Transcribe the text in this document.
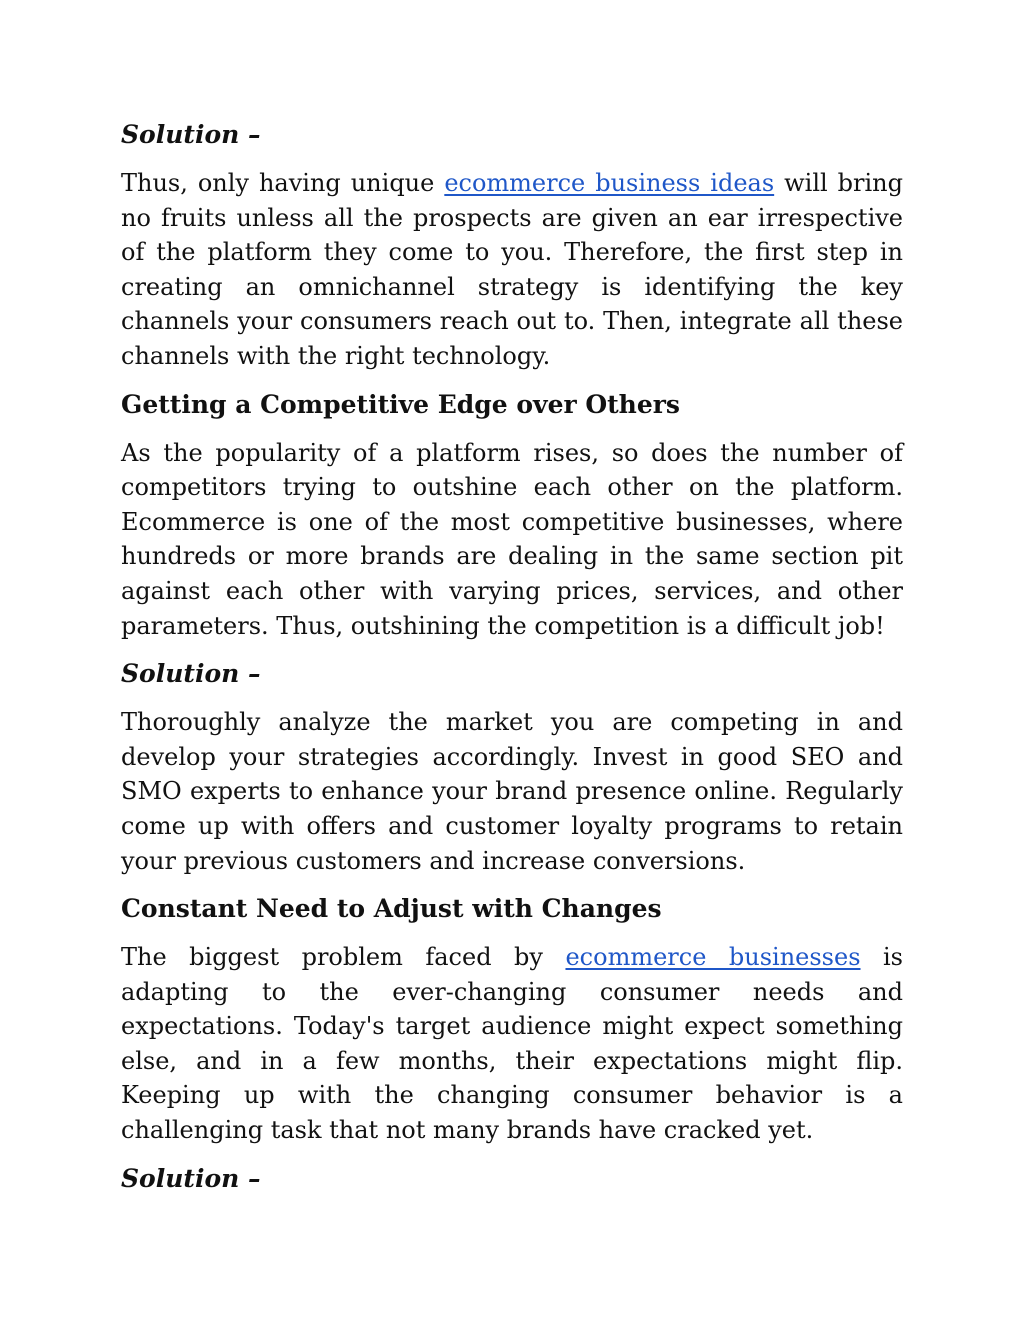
Solution –

Thus, only having unique ecommerce business ideas will bring no fruits unless all the prospects are given an ear irrespective of the platform they come to you. Therefore, the first step in creating an omnichannel strategy is identifying the key channels your consumers reach out to. Then, integrate all these channels with the right technology.

Getting a Competitive Edge over Others

As the popularity of a platform rises, so does the number of competitors trying to outshine each other on the platform. Ecommerce is one of the most competitive businesses, where hundreds or more brands are dealing in the same section pit against each other with varying prices, services, and other parameters. Thus, outshining the competition is a difficult job!

Solution –

Thoroughly analyze the market you are competing in and develop your strategies accordingly. Invest in good SEO and SMO experts to enhance your brand presence online. Regularly come up with offers and customer loyalty programs to retain your previous customers and increase conversions.

Constant Need to Adjust with Changes

The biggest problem faced by ecommerce businesses is adapting to the ever-changing consumer needs and expectations. Today's target audience might expect something else, and in a few months, their expectations might flip. Keeping up with the changing consumer behavior is a challenging task that not many brands have cracked yet.

Solution –
